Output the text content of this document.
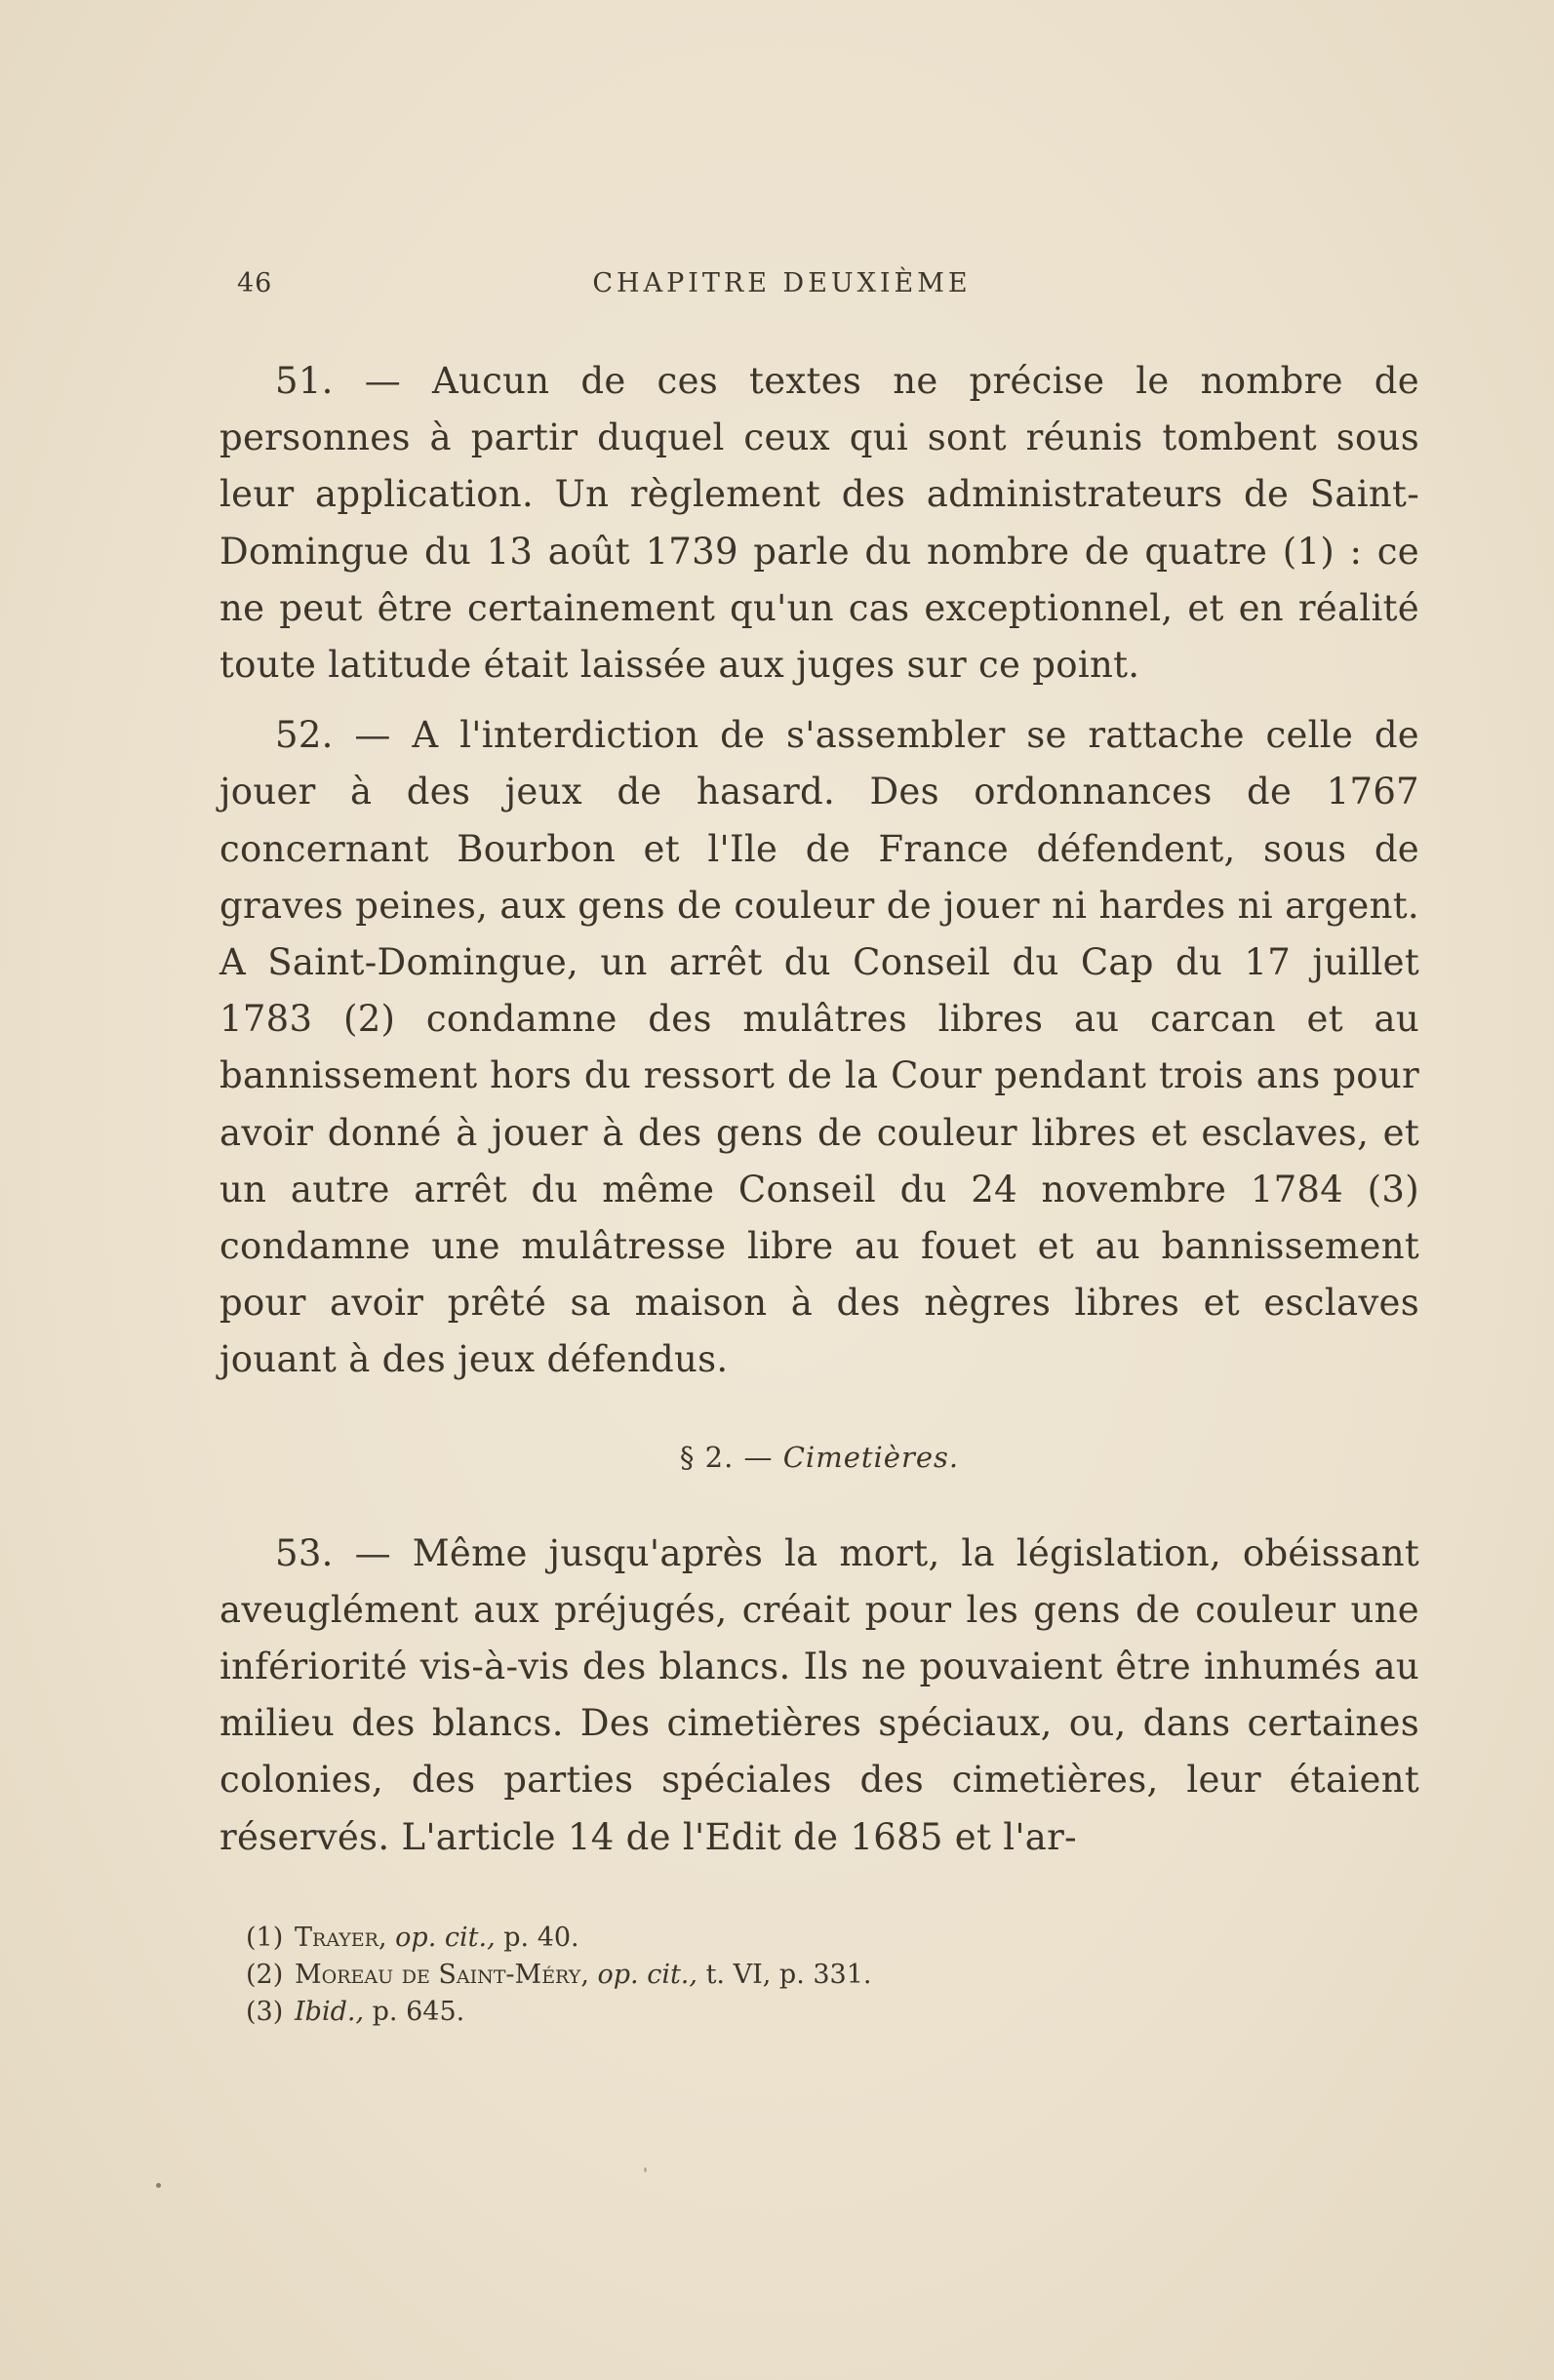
46	CHAPITRE DEUXIÈME

51. — Aucun de ces textes ne précise le nombre de personnes à partir duquel ceux qui sont réunis tombent sous leur application. Un règlement des administrateurs de Saint-Domingue du 13 août 1739 parle du nombre de quatre (1) : ce ne peut être certainement qu'un cas exceptionnel, et en réalité toute latitude était laissée aux juges sur ce point.

52. — A l'interdiction de s'assembler se rattache celle de jouer à des jeux de hasard. Des ordonnances de 1767 concernant Bourbon et l'Ile de France défendent, sous de graves peines, aux gens de couleur de jouer ni hardes ni argent. A Saint-Domingue, un arrêt du Conseil du Cap du 17 juillet 1783 (2) condamne des mulâtres libres au carcan et au bannissement hors du ressort de la Cour pendant trois ans pour avoir donné à jouer à des gens de couleur libres et esclaves, et un autre arrêt du même Conseil du 24 novembre 1784 (3) condamne une mulâtresse libre au fouet et au bannissement pour avoir prêté sa maison à des nègres libres et esclaves jouant à des jeux défendus.

§ 2. — Cimetières.

53. — Même jusqu'après la mort, la législation, obéissant aveuglément aux préjugés, créait pour les gens de couleur une infériorité vis-à-vis des blancs. Ils ne pouvaient être inhumés au milieu des blancs. Des cimetières spéciaux, ou, dans certaines colonies, des parties spéciales des cimetières, leur étaient réservés. L'article 14 de l'Edit de 1685 et l'ar-

(1) Trayer, op. cit., p. 40.

(2) Moreau de Saint-Méry, op. cit., t. VI, p. 331.

(3) Ibid., p. 645.
